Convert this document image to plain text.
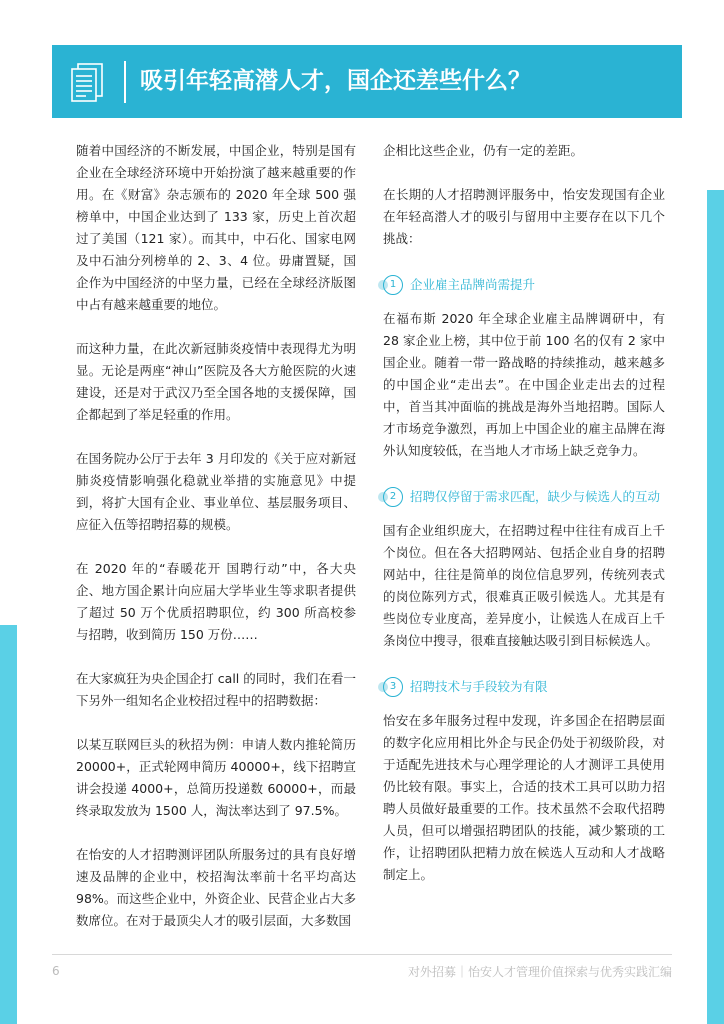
吸引年轻高潜人才，国企还差些什么？

随着中国经济的不断发展，中国企业，特别是国有企业在全球经济环境中开始扮演了越来越重要的作用。在《财富》杂志颁布的 2020 年全球 500 强榜单中，中国企业达到了 133 家，历史上首次超过了美国（121 家）。而其中，中石化、国家电网及中石油分列榜单的 2、3、4 位。毋庸置疑，国企作为中国经济的中坚力量，已经在全球经济版图中占有越来越重要的地位。

而这种力量，在此次新冠肺炎疫情中表现得尤为明显。无论是两座“神山”医院及各大方舱医院的火速建设，还是对于武汉乃至全国各地的支援保障，国企都起到了举足轻重的作用。

在国务院办公厅于去年 3 月印发的《关于应对新冠肺炎疫情影响强化稳就业举措的实施意见》中提到，将扩大国有企业、事业单位、基层服务项目、应征入伍等招聘招募的规模。

在 2020 年的“春暖花开 国聘行动”中，各大央企、地方国企累计向应届大学毕业生等求职者提供了超过 50 万个优质招聘职位，约 300 所高校参与招聘，收到简历 150 万份……

在大家疯狂为央企国企打 call 的同时，我们在看一下另外一组知名企业校招过程中的招聘数据：

以某互联网巨头的秋招为例：申请人数内推轮简历 20000+，正式轮网申简历 40000+，线下招聘宣讲会投递 4000+，总简历投递数 60000+，而最终录取发放为 1500 人，淘汰率达到了 97.5%。

在怡安的人才招聘测评团队所服务过的具有良好增速及品牌的企业中，校招淘汰率前十名平均高达 98%。而这些企业中，外资企业、民营企业占大多数席位。在对于最顶尖人才的吸引层面，大多数国

企相比这些企业，仍有一定的差距。

在长期的人才招聘测评服务中，怡安发现国有企业在年轻高潜人才的吸引与留用中主要存在以下几个挑战：

1	企业雇主品牌尚需提升

在福布斯 2020 年全球企业雇主品牌调研中，有 28 家企业上榜，其中位于前 100 名的仅有 2 家中国企业。随着一带一路战略的持续推动，越来越多的中国企业“走出去”。在中国企业走出去的过程中，首当其冲面临的挑战是海外当地招聘。国际人才市场竞争激烈，再加上中国企业的雇主品牌在海外认知度较低，在当地人才市场上缺乏竞争力。

2	招聘仅停留于需求匹配，缺少与候选人的互动

国有企业组织庞大，在招聘过程中往往有成百上千个岗位。但在各大招聘网站、包括企业自身的招聘网站中，往往是简单的岗位信息罗列，传统列表式的岗位陈列方式，很难真正吸引候选人。尤其是有些岗位专业度高，差异度小，让候选人在成百上千条岗位中搜寻，很难直接触达吸引到目标候选人。

3	招聘技术与手段较为有限

怡安在多年服务过程中发现，许多国企在招聘层面的数字化应用相比外企与民企仍处于初级阶段，对于适配先进技术与心理学理论的人才测评工具使用仍比较有限。事实上，合适的技术工具可以助力招聘人员做好最重要的工作。技术虽然不会取代招聘人员，但可以增强招聘团队的技能，减少繁琐的工作，让招聘团队把精力放在候选人互动和人才战略制定上。

6	对外招募｜怡安人才管理价值探索与优秀实践汇编
